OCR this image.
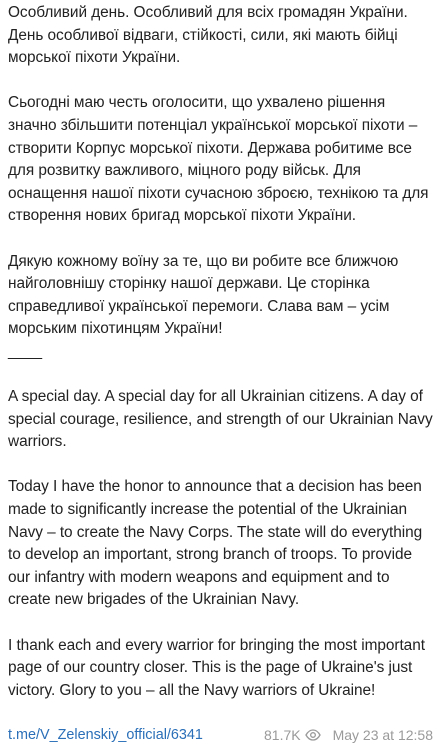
Особливий день. Особливий для всіх громадян України. День особливої відваги, стійкості, сили, які мають бійці морської піхоти України.

Сьогодні маю честь оголосити, що ухвалено рішення значно збільшити потенціал української морської піхоти – створити Корпус морської піхоти. Держава робитиме все для розвитку важливого, міцного роду військ. Для оснащення нашої піхоти сучасною зброєю, технікою та для створення нових бригад морської піхоти України.

Дякую кожному воїну за те, що ви робите все ближчою найголовнішу сторінку нашої держави. Це сторінка справедливої української перемоги. Слава вам – усім морським піхотинцям України!

____

A special day. A special day for all Ukrainian citizens. A day of special courage, resilience, and strength of our Ukrainian Navy warriors.

Today I have the honor to announce that a decision has been made to significantly increase the potential of the Ukrainian Navy – to create the Navy Corps. The state will do everything to develop an important, strong branch of troops. To provide our infantry with modern weapons and equipment and to create new brigades of the Ukrainian Navy.

I thank each and every warrior for bringing the most important page of our country closer. This is the page of Ukraine's just victory. Glory to you – all the Navy warriors of Ukraine!

t.me/V_Zelenskiy_official/6341	81.7K May 23 at 12:58
